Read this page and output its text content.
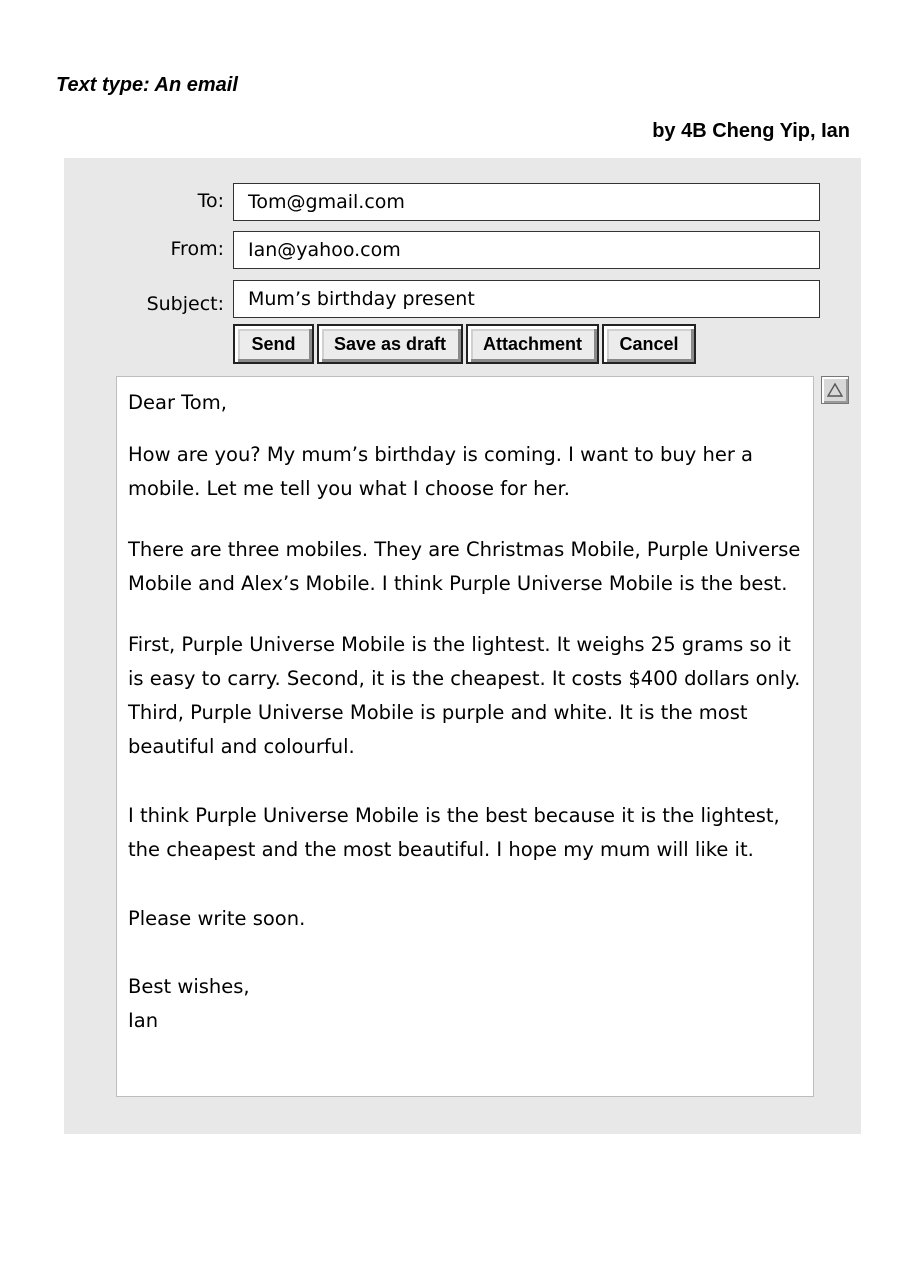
Text type: An email
by 4B Cheng Yip, Ian
To:	Tom@gmail.com
From:	Ian@yahoo.com
Subject:	Mum’s birthday present
Send	Save as draft	Attachment	Cancel

Dear Tom,

How are you? My mum’s birthday is coming. I want to buy her a mobile. Let me tell you what I choose for her.

There are three mobiles. They are Christmas Mobile, Purple Universe Mobile and Alex’s Mobile. I think Purple Universe Mobile is the best.

First, Purple Universe Mobile is the lightest. It weighs 25 grams so it is easy to carry. Second, it is the cheapest. It costs $400 dollars only. Third, Purple Universe Mobile is purple and white. It is the most beautiful and colourful.

I think Purple Universe Mobile is the best because it is the lightest, the cheapest and the most beautiful. I hope my mum will like it.

Please write soon.

Best wishes,

Ian
